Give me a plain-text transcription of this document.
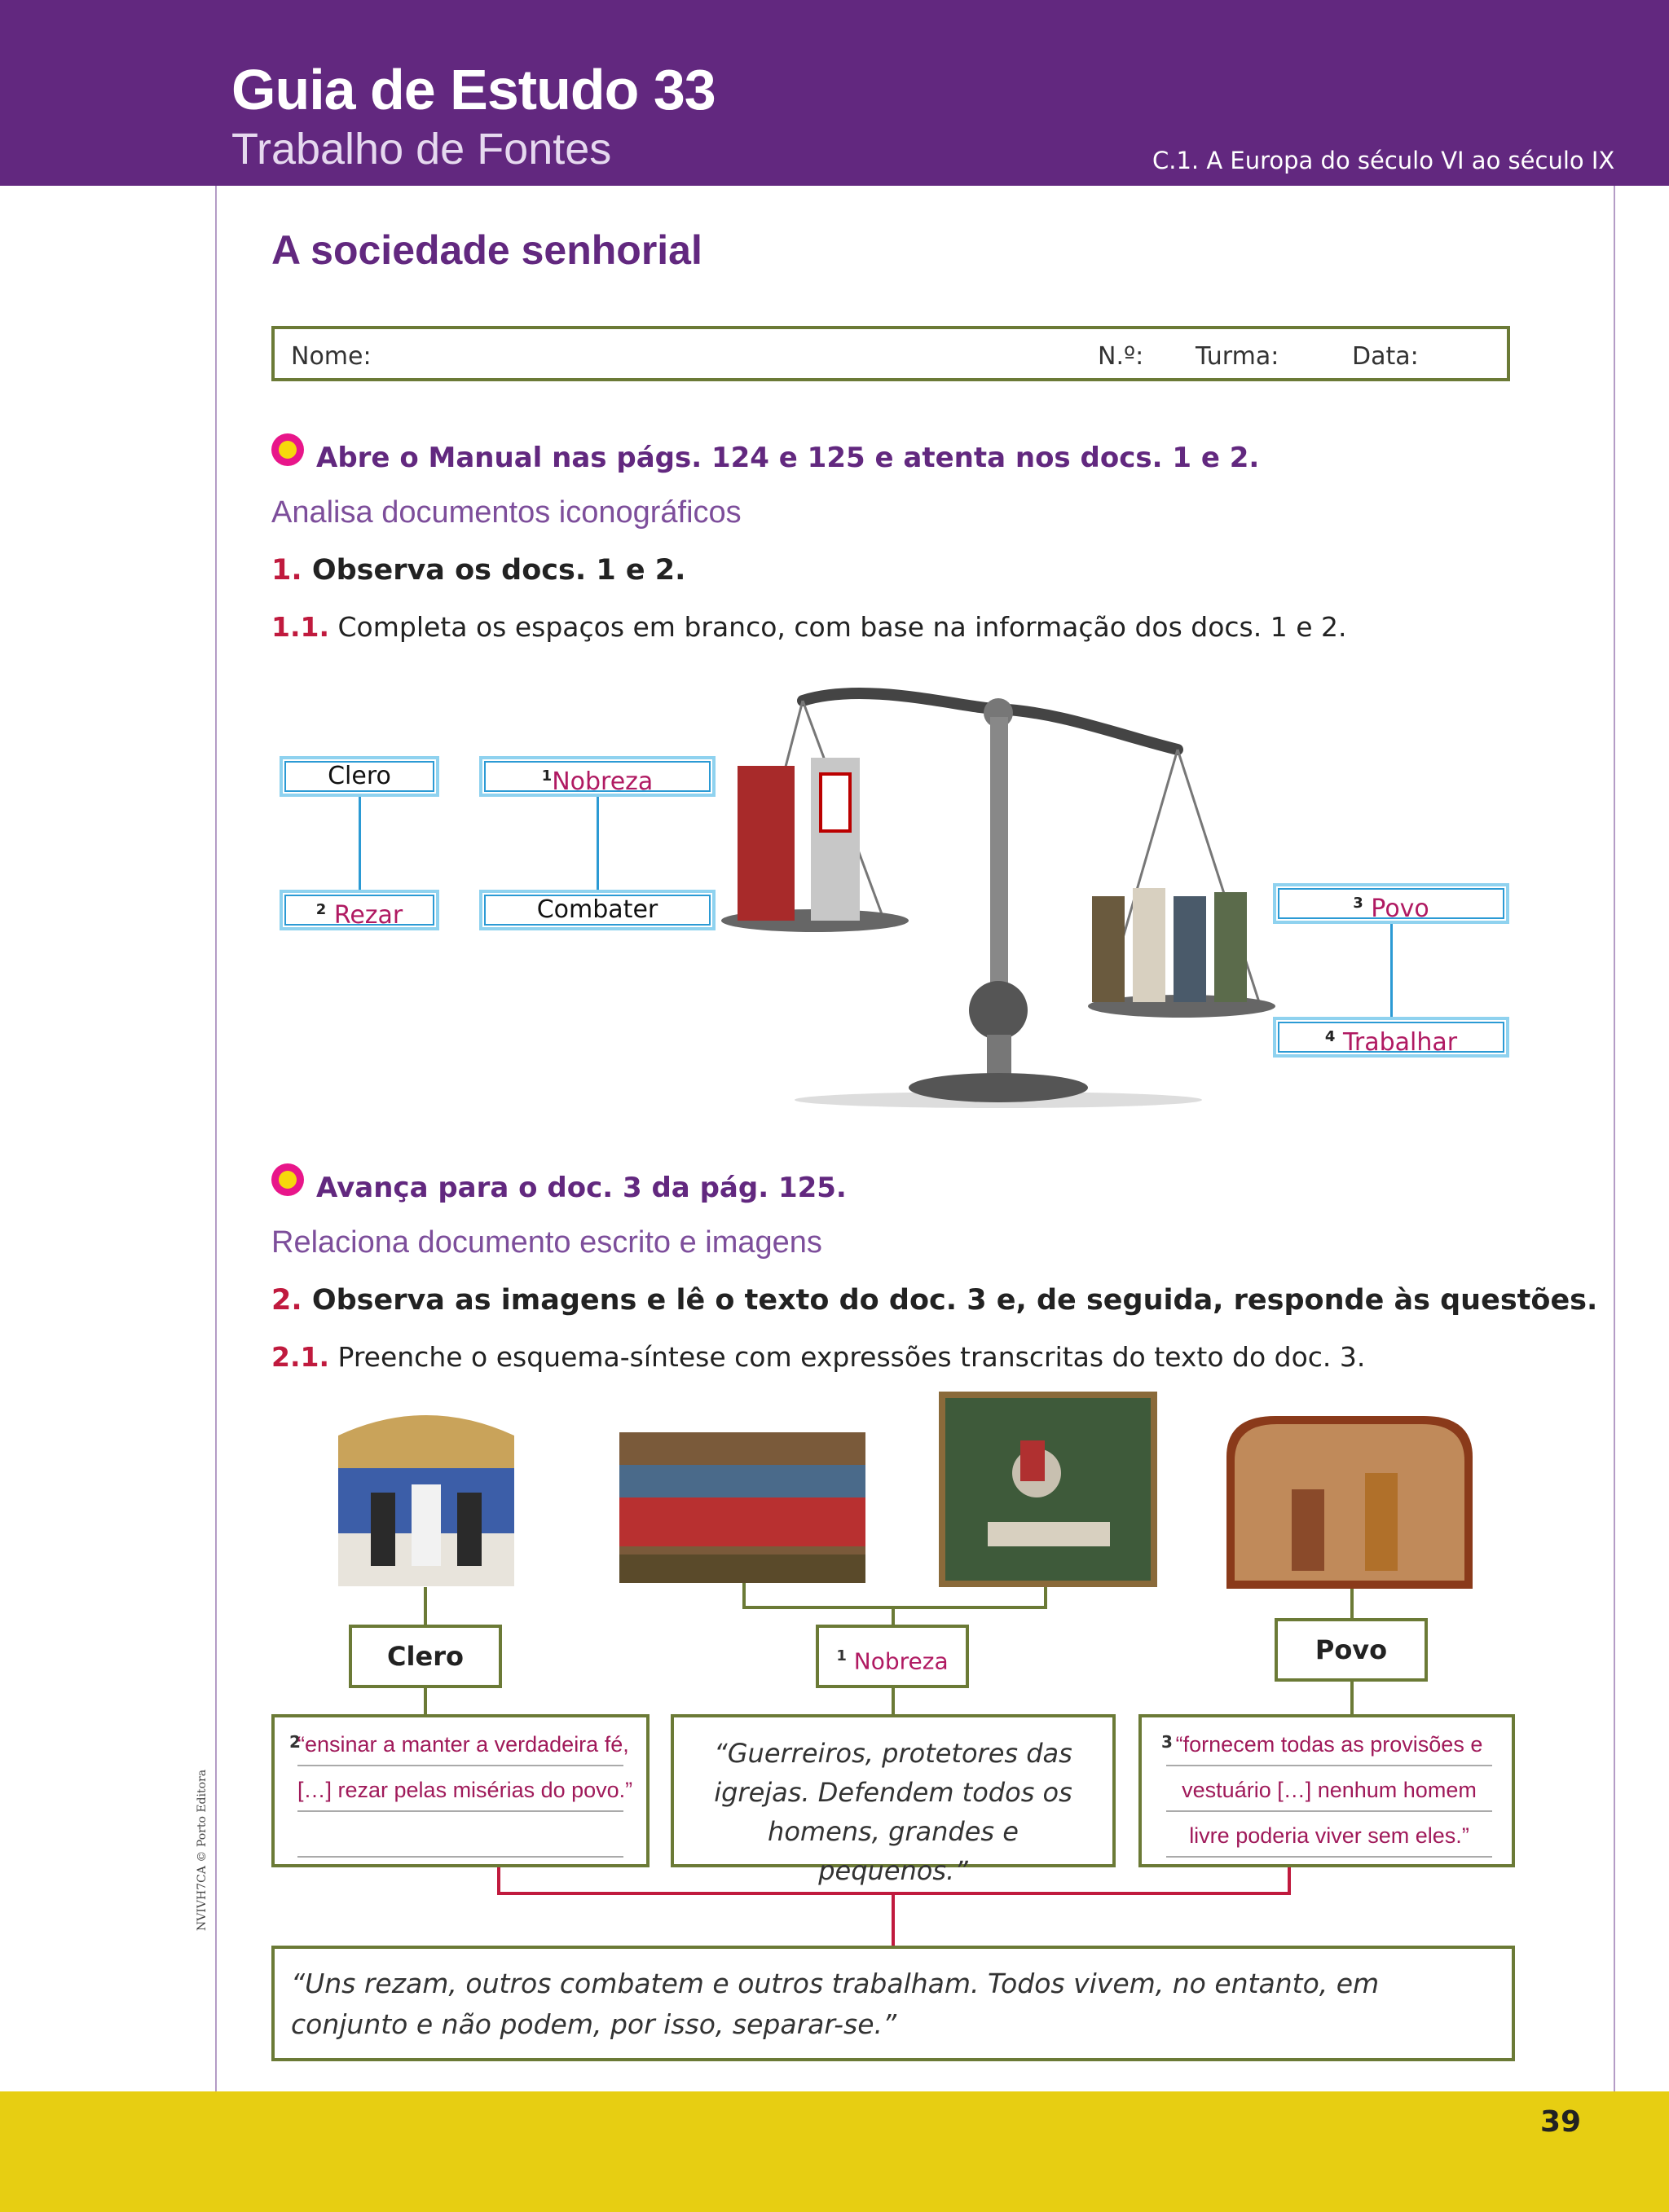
Guia de Estudo 33
Trabalho de Fontes	C.1. A Europa do século VI ao século IX
NVIVH7CA © Porto Editora
A sociedade senhorial
Nome:	N.º: Turma:	Data:
Abre o Manual nas págs. 124 e 125 e atenta nos docs. 1 e 2.
Analisa documentos iconográficos
1. Observa os docs. 1 e 2.
1.1. Completa os espaços em branco, com base na informação dos docs. 1 e 2.
Clero
$^2$ Rezar
$^1$Nobreza
Combater	$^3$ Povo
$^4$ Trabalhar
Avança para o doc. 3 da pág. 125.
Relaciona documento escrito e imagens
2. Observa as imagens e lê o texto do doc. 3 e, de seguida, responde às questões.
2.1. Preenche o esquema-síntese com expressões transcritas do texto do doc. 3.
Clero	$^1$ Nobreza	Povo
2
“ensinar a manter a verdadeira fé,
[…] rezar pelas misérias do povo.”
“Guerreiros, protetores das igrejas. Defendem todos os homens, grandes e pequenos.”
3 “fornecem todas as provisões e
vestuário […] nenhum homem
livre poderia viver sem eles.”
“Uns rezam, outros combatem e outros trabalham. Todos vivem, no entanto, em conjunto e não podem, por isso, separar-se.”
39
